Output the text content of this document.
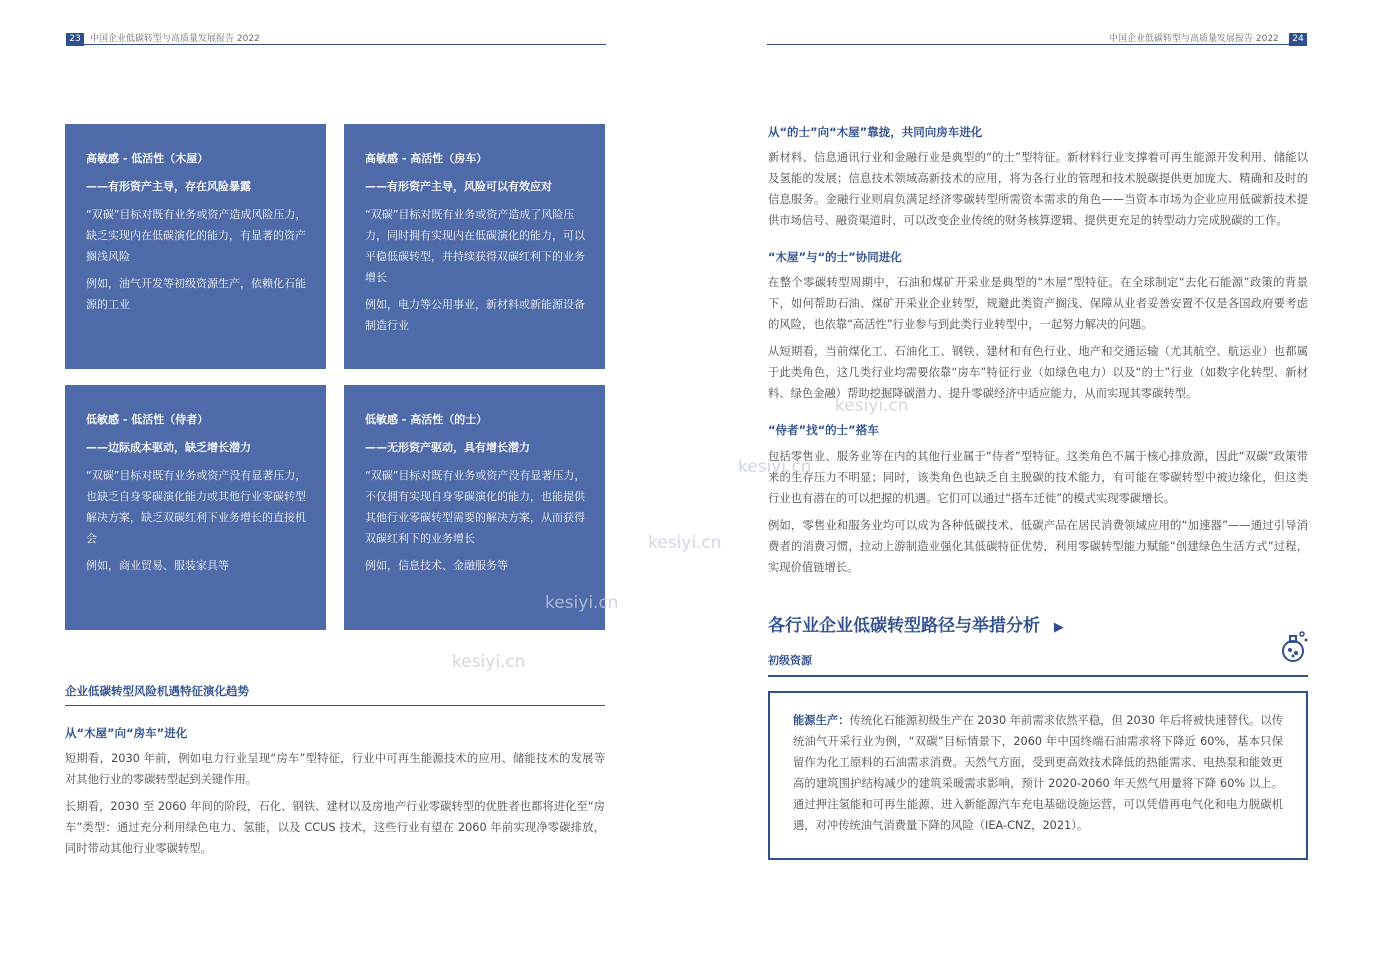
23	中国企业低碳转型与高质量发展报告 2022	中国企业低碳转型与高质量发展报告 2022	24

高敏感 - 低活性（木屋）

——有形资产主导，存在风险暴露

“双碳”目标对既有业务或资产造成风险压力，缺乏实现内在低碳演化的能力，有显著的资产搁浅风险

例如，油气开发等初级资源生产，依赖化石能源的工业

高敏感 - 高活性（房车）

——有形资产主导，风险可以有效应对

“双碳”目标对既有业务或资产造成了风险压力，同时拥有实现内在低碳演化的能力，可以平稳低碳转型，并持续获得双碳红利下的业务增长

例如，电力等公用事业，新材料或新能源设备制造行业

低敏感 - 低活性（侍者）

——边际成本驱动，缺乏增长潜力

“双碳”目标对既有业务或资产没有显著压力，也缺乏自身零碳演化能力或其他行业零碳转型解决方案，缺乏双碳红利下业务增长的直接机会

例如，商业贸易、服装家具等

低敏感 - 高活性（的士）

——无形资产驱动，具有增长潜力

“双碳”目标对既有业务或资产没有显著压力，不仅拥有实现自身零碳演化的能力，也能提供其他行业零碳转型需要的解决方案，从而获得双碳红利下的业务增长

例如，信息技术、金融服务等

企业低碳转型风险机遇特征演化趋势
从“木屋”向“房车”进化

短期看，2030 年前，例如电力行业呈现“房车”型特征，行业中可再生能源技术的应用、储能技术的发展等对其他行业的零碳转型起到关键作用。

长期看，2030 至 2060 年间的阶段，石化、钢铁、建材以及房地产行业零碳转型的优胜者也都将进化至“房车”类型：通过充分利用绿色电力、氢能，以及 CCUS 技术，这些行业有望在 2060 年前实现净零碳排放，同时带动其他行业零碳转型。

kesiyi.cn
kesiyi.cn
kesiyi.cn
kesiyi.cn
kesiyi.cn
从“的士”向“木屋”靠拢，共同向房车进化

新材料、信息通讯行业和金融行业是典型的“的士”型特征。新材料行业支撑着可再生能源开发利用、储能以及氢能的发展；信息技术领域高新技术的应用，将为各行业的管理和技术脱碳提供更加庞大、精确和及时的信息服务。金融行业则肩负满足经济零碳转型所需资本需求的角色——当资本市场为企业应用低碳新技术提供市场信号、融资渠道时，可以改变企业传统的财务核算逻辑、提供更充足的转型动力完成脱碳的工作。

“木屋”与“的士”协同进化

在整个零碳转型周期中，石油和煤矿开采业是典型的“木屋”型特征。在全球制定“去化石能源”政策的背景下，如何帮助石油、煤矿开采业企业转型，规避此类资产搁浅、保障从业者妥善安置不仅是各国政府要考虑的风险，也依靠“高活性”行业参与到此类行业转型中，一起努力解决的问题。

从短期看，当前煤化工、石油化工、钢铁、建材和有色行业、地产和交通运输（尤其航空、航运业）也都属于此类角色，这几类行业均需要依靠“房车”特征行业（如绿色电力）以及“的士”行业（如数字化转型、新材料、绿色金融）帮助挖掘降碳潜力、提升零碳经济中适应能力，从而实现其零碳转型。

“侍者”找“的士”搭车

包括零售业、服务业等在内的其他行业属于“侍者”型特征。这类角色不属于核心排放源，因此“双碳”政策带来的生存压力不明显；同时，该类角色也缺乏自主脱碳的技术能力，有可能在零碳转型中被边缘化，但这类行业也有潜在的可以把握的机遇。它们可以通过“搭车迁徙”的模式实现零碳增长。

例如，零售业和服务业均可以成为各种低碳技术、低碳产品在居民消费领域应用的“加速器”——通过引导消费者的消费习惯，拉动上游制造业强化其低碳特征优势，利用零碳转型能力赋能“创建绿色生活方式”过程，实现价值链增长。

各行业企业低碳转型路径与举措分析 ▶
初级资源

能源生产：传统化石能源初级生产在 2030 年前需求依然平稳，但 2030 年后将被快速替代。以传统油气开采行业为例，“双碳”目标情景下，2060 年中国终端石油需求将下降近 60%，基本只保留作为化工原料的石油需求消费。天然气方面，受到更高效技术降低的热能需求、电热泵和能效更高的建筑围护结构减少的建筑采暖需求影响，预计 2020-2060 年天然气用量将下降 60% 以上。通过押注氢能和可再生能源、进入新能源汽车充电基础设施运营，可以凭借再电气化和电力脱碳机遇，对冲传统油气消费量下降的风险（IEA-CNZ，2021）。
